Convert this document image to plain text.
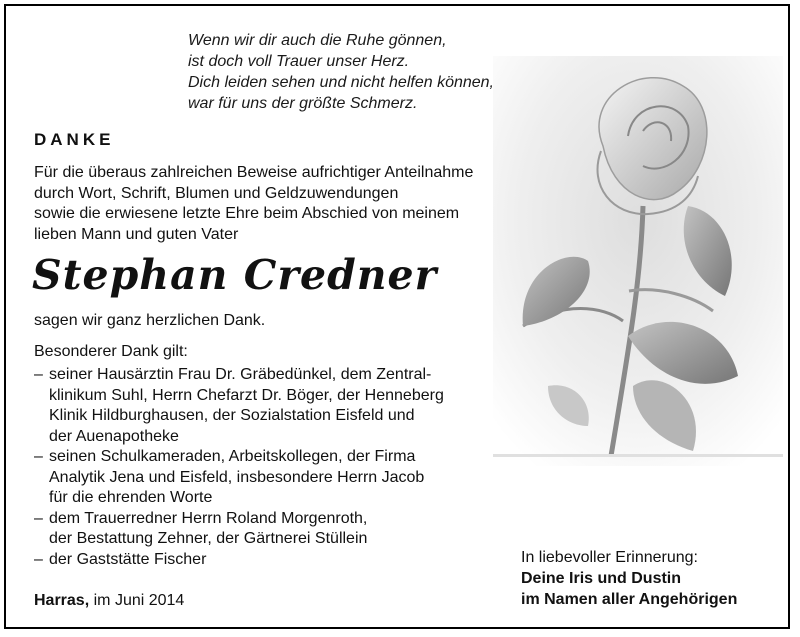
Wenn wir dir auch die Ruhe gönnen,
ist doch voll Trauer unser Herz.
Dich leiden sehen und nicht helfen können,
war für uns der größte Schmerz.
DANKE
Für die überaus zahlreichen Beweise aufrichtiger Anteilnahme
durch Wort, Schrift, Blumen und Geldzuwendungen
sowie die erwiesene letzte Ehre beim Abschied von meinem
lieben Mann und guten Vater
Stephan Credner
sagen wir ganz herzlichen Dank.
Besonderer Dank gilt:
– seiner Hausärztin Frau Dr. Gräbedünkel, dem Zentral-
klinikum Suhl, Herrn Chefarzt Dr. Böger, der Henneberg
Klinik Hildburghausen, der Sozialstation Eisfeld und
der Auenapotheke
– seinen Schulkameraden, Arbeitskollegen, der Firma
Analytik Jena und Eisfeld, insbesondere Herrn Jacob
für die ehrenden Worte
– dem Trauerredner Herrn Roland Morgenroth,
der Bestattung Zehner, der Gärtnerei Stüllein
– der Gaststätte Fischer
Harras, im Juni 2014
In liebevoller Erinnerung:
Deine Iris und Dustin
im Namen aller Angehörigen
